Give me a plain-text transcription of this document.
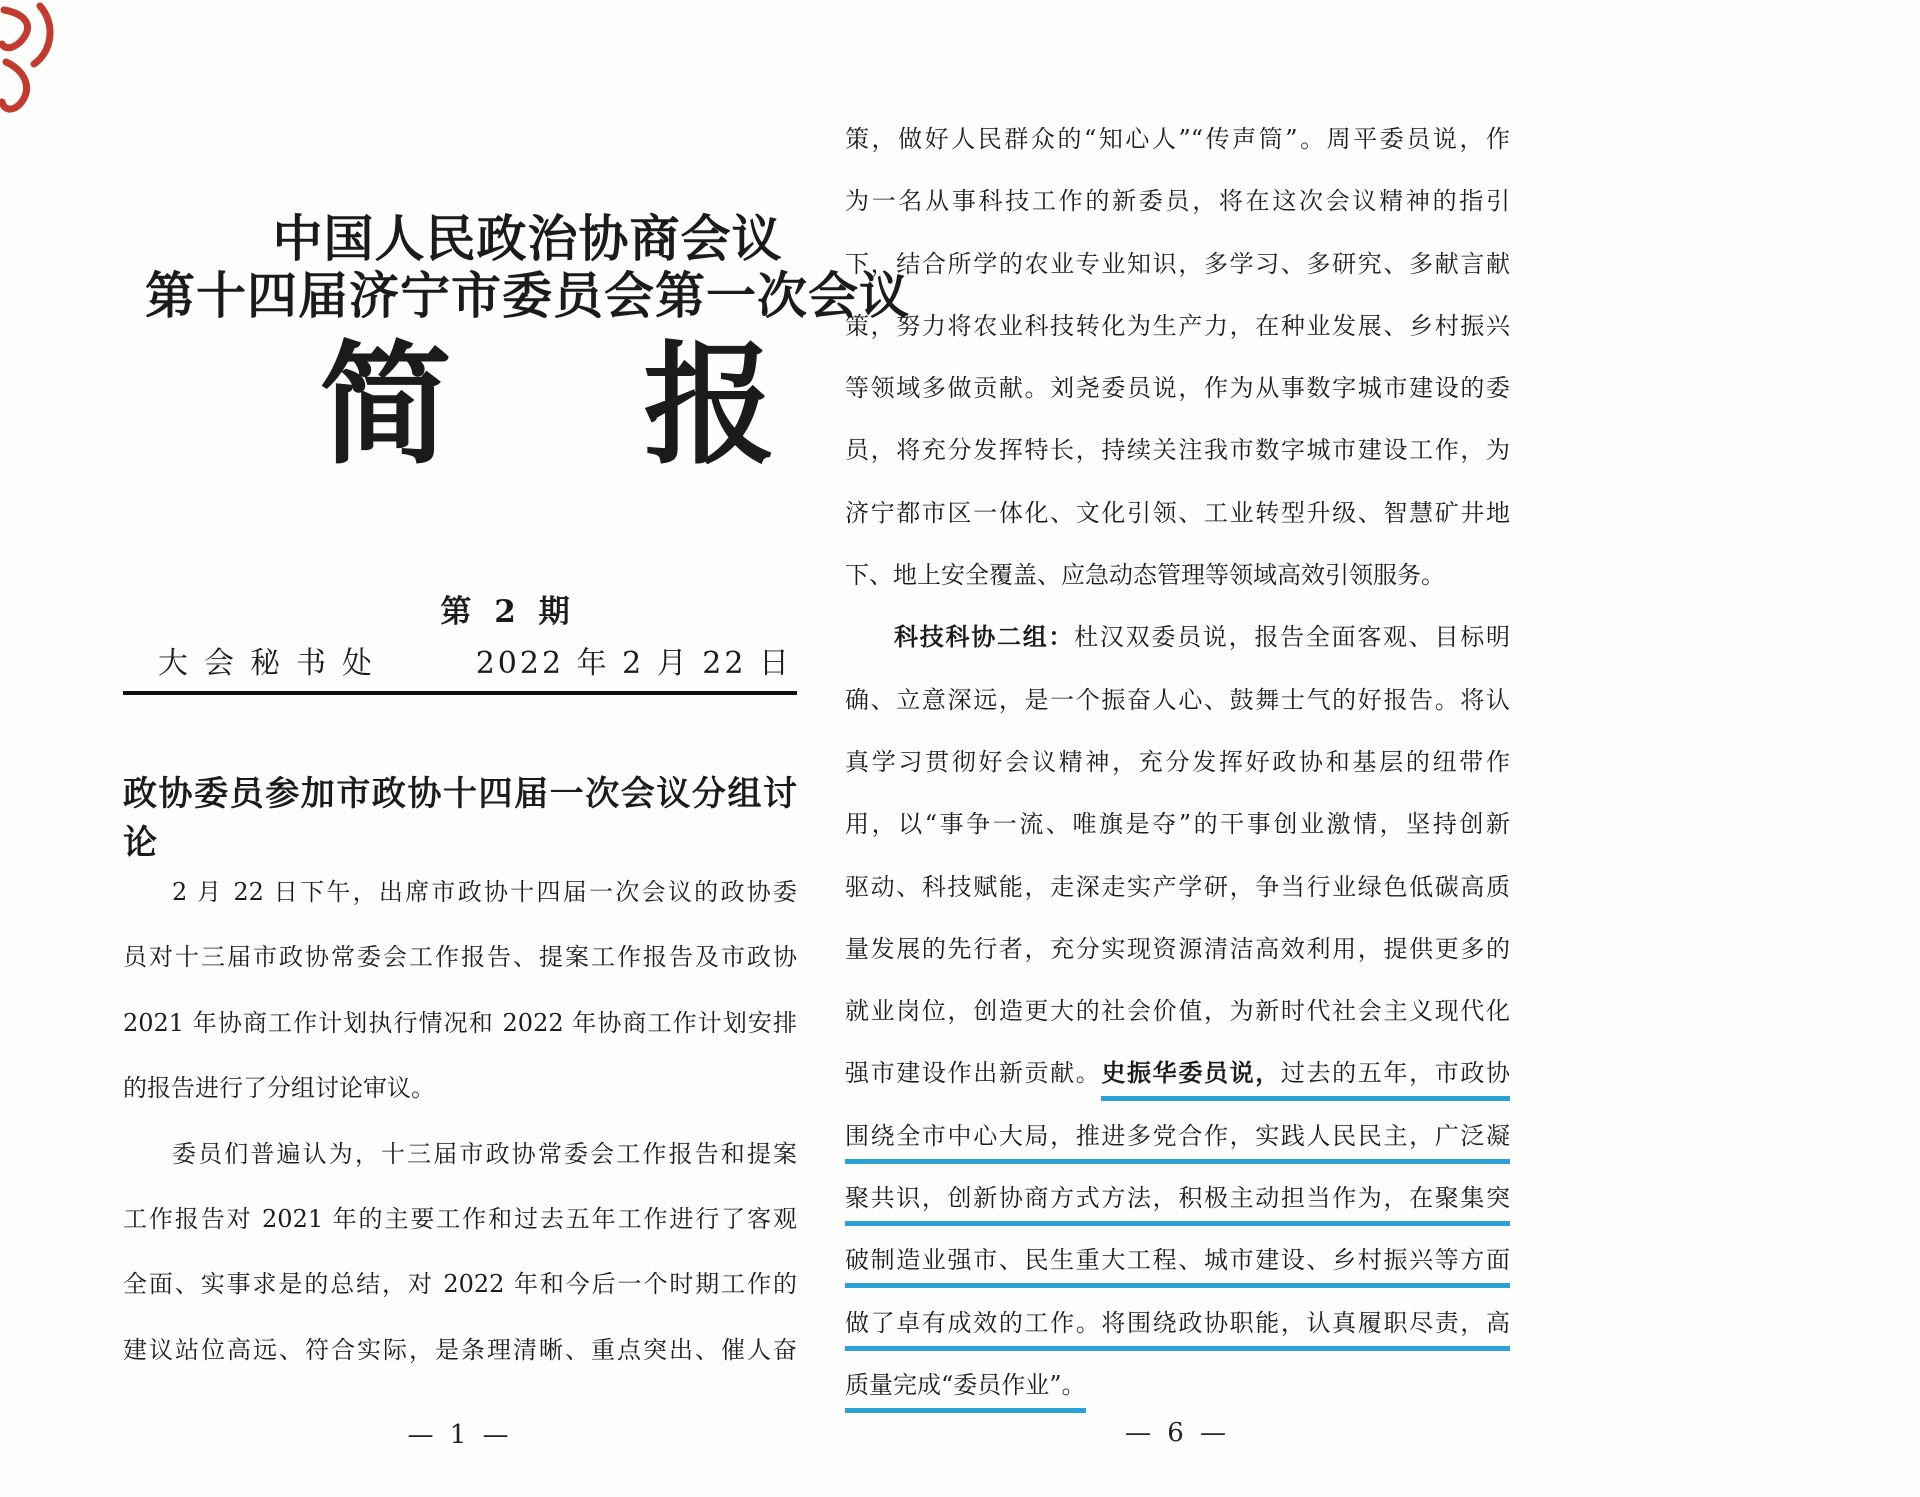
中国人民政治协商会议
第十四届济宁市委员会第一次会议
简 报
第 2 期
大会秘书处	2022 年 2 月 22 日
政协委员参加市政协十四届一次会议分组讨论
2 月 22 日下午，出席市政协十四届一次会议的政协委
员对十三届市政协常委会工作报告、提案工作报告及市政协
2021 年协商工作计划执行情况和 2022 年协商工作计划安排
的报告进行了分组讨论审议。
委员们普遍认为，十三届市政协常委会工作报告和提案
工作报告对 2021 年的主要工作和过去五年工作进行了客观
全面、实事求是的总结，对 2022 年和今后一个时期工作的
建议站位高远、符合实际，是条理清晰、重点突出、催人奋
— 1 —
策，做好人民群众的“知心人”“传声筒”。周平委员说，作
为一名从事科技工作的新委员，将在这次会议精神的指引
下，结合所学的农业专业知识，多学习、多研究、多献言献
策，努力将农业科技转化为生产力，在种业发展、乡村振兴
等领域多做贡献。刘尧委员说，作为从事数字城市建设的委
员，将充分发挥特长，持续关注我市数字城市建设工作，为
济宁都市区一体化、文化引领、工业转型升级、智慧矿井地
下、地上安全覆盖、应急动态管理等领域高效引领服务。
科技科协二组：杜汉双委员说，报告全面客观、目标明
确、立意深远，是一个振奋人心、鼓舞士气的好报告。将认
真学习贯彻好会议精神，充分发挥好政协和基层的纽带作
用，以“事争一流、唯旗是夺”的干事创业激情，坚持创新
驱动、科技赋能，走深走实产学研，争当行业绿色低碳高质
量发展的先行者，充分实现资源清洁高效利用，提供更多的
就业岗位，创造更大的社会价值，为新时代社会主义现代化
强市建设作出新贡献。史振华委员说，过去的五年，市政协
围绕全市中心大局，推进多党合作，实践人民民主，广泛凝
聚共识，创新协商方式方法，积极主动担当作为，在聚集突
破制造业强市、民生重大工程、城市建设、乡村振兴等方面
做了卓有成效的工作。将围绕政协职能，认真履职尽责，高
质量完成“委员作业”。
— 6 —
